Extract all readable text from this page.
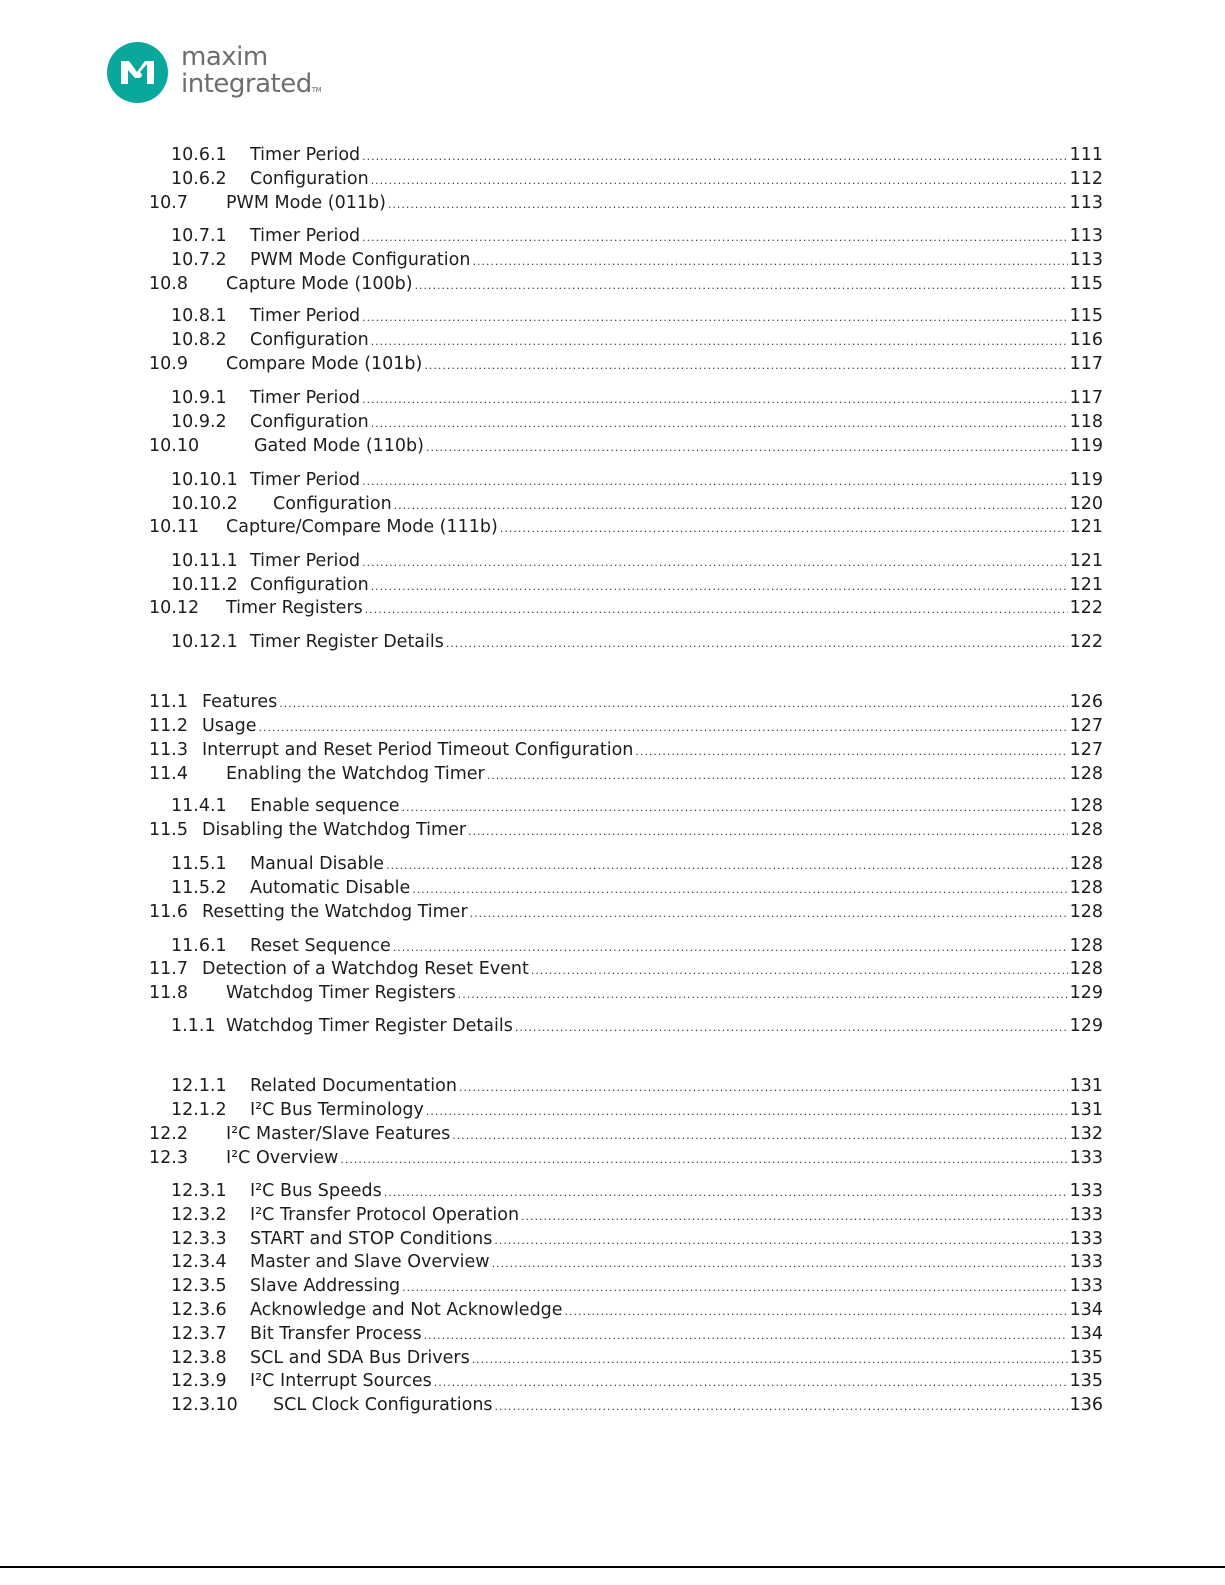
maxim
integratedTM
10.6.1 Timer Period .....	111
10.6.2 Configuration .....	112
10.7 PWM Mode (011b) .....	113
10.7.1 Timer Period .....	113
10.7.2 PWM Mode Configuration .....	113
10.8 Capture Mode (100b) .....	115
10.8.1 Timer Period .....	115
10.8.2 Configuration .....	116
10.9 Compare Mode (101b) .....	117
10.9.1 Timer Period .....	117
10.9.2 Configuration .....	118
10.10	Gated Mode (110b) .....	119
10.10.1 Timer Period .....	119
10.10.2 Configuration .....	120
10.11 Capture/Compare Mode (111b) .....	121
10.11.1 Timer Period .....	121
10.11.2 Configuration .....	121
10.12 Timer Registers .....	122
10.12.1 Timer Register Details .....	122
11.1 Features .....	126
11.2 Usage .....	127
11.3 Interrupt and Reset Period Timeout Configuration .....	127
11.4 Enabling the Watchdog Timer .....	128
11.4.1 Enable sequence .....	128
11.5 Disabling the Watchdog Timer .....	128
11.5.1 Manual Disable .....	128
11.5.2 Automatic Disable .....	128
11.6 Resetting the Watchdog Timer .....	128
11.6.1 Reset Sequence .....	128
11.7 Detection of a Watchdog Reset Event .....	128
11.8 Watchdog Timer Registers .....	129
1.1.1 Watchdog Timer Register Details .....	129
12.1.1 Related Documentation .....	131
12.1.2 I²C Bus Terminology .....	131
12.2 I²C Master/Slave Features .....	132
12.3 I²C Overview .....	133
12.3.1 I²C Bus Speeds .....	133
12.3.2 I²C Transfer Protocol Operation .....	133
12.3.3 START and STOP Conditions .....	133
12.3.4 Master and Slave Overview .....	133
12.3.5 Slave Addressing .....	133
12.3.6 Acknowledge and Not Acknowledge .....	134
12.3.7 Bit Transfer Process .....	134
12.3.8 SCL and SDA Bus Drivers .....	135
12.3.9 I²C Interrupt Sources .....	135
12.3.10 SCL Clock Configurations .....	136
